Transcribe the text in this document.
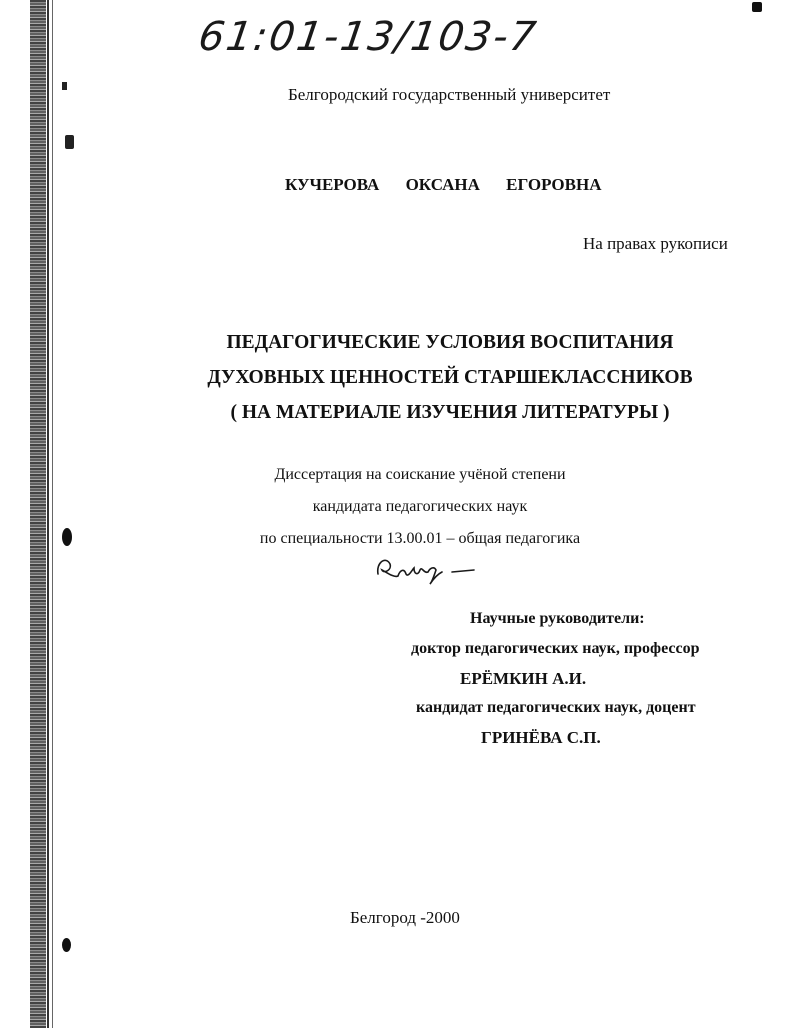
61:01-13/103-7
Белгородский государственный университет
КУЧЕРОВА ОКСАНА ЕГОРОВНА
На правах рукописи
ПЕДАГОГИЧЕСКИЕ УСЛОВИЯ ВОСПИТАНИЯ
ДУХОВНЫХ ЦЕННОСТЕЙ СТАРШЕКЛАССНИКОВ
( НА МАТЕРИАЛЕ ИЗУЧЕНИЯ ЛИТЕРАТУРЫ )
Диссертация на соискание учёной степени
кандидата педагогических наук
по специальности 13.00.01 – общая педагогика
Научные руководители:
доктор педагогических наук, профессор
ЕРЁМКИН А.И.
кандидат педагогических наук, доцент
ГРИНЁВА С.П.
Белгород -2000
